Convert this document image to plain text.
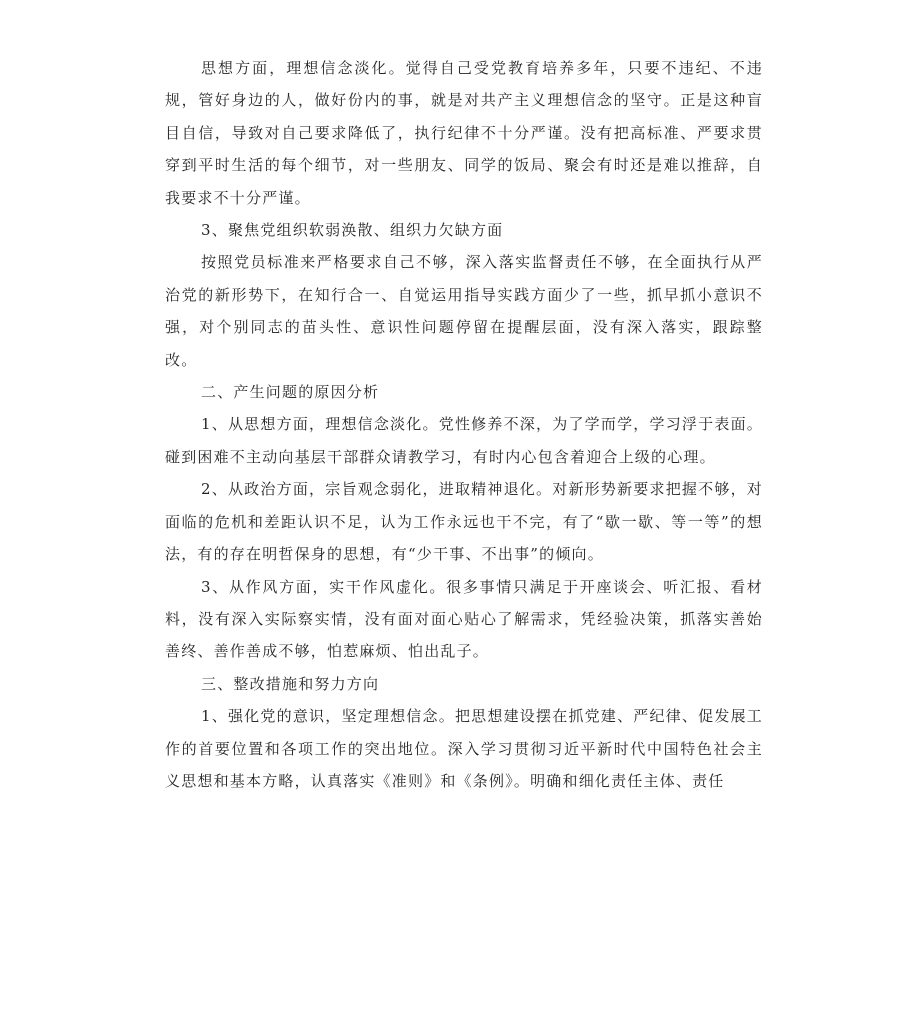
思想方面，理想信念淡化。觉得自己受党教育培养多年，只要不违纪、不违规，管好身边的人，做好份内的事，就是对共产主义理想信念的坚守。正是这种盲目自信，导致对自己要求降低了，执行纪律不十分严谨。没有把高标准、严要求贯穿到平时生活的每个细节，对一些朋友、同学的饭局、聚会有时还是难以推辞，自我要求不十分严谨。

3、聚焦党组织软弱涣散、组织力欠缺方面

按照党员标准来严格要求自己不够，深入落实监督责任不够，在全面执行从严治党的新形势下，在知行合一、自觉运用指导实践方面少了一些，抓早抓小意识不强，对个别同志的苗头性、意识性问题停留在提醒层面，没有深入落实，跟踪整改。

二、产生问题的原因分析

1、从思想方面，理想信念淡化。党性修养不深，为了学而学，学习浮于表面。碰到困难不主动向基层干部群众请教学习，有时内心包含着迎合上级的心理。

2、从政治方面，宗旨观念弱化，进取精神退化。对新形势新要求把握不够，对面临的危机和差距认识不足，认为工作永远也干不完，有了“歇一歇、等一等”的想法，有的存在明哲保身的思想，有“少干事、不出事”的倾向。

3、从作风方面，实干作风虚化。很多事情只满足于开座谈会、听汇报、看材料，没有深入实际察实情，没有面对面心贴心了解需求，凭经验决策，抓落实善始善终、善作善成不够，怕惹麻烦、怕出乱子。

三、整改措施和努力方向

1、强化党的意识，坚定理想信念。把思想建设摆在抓党建、严纪律、促发展工作的首要位置和各项工作的突出地位。深入学习贯彻习近平新时代中国特色社会主义思想和基本方略，认真落实《准则》和《条例》。明确和细化责任主体、责任
